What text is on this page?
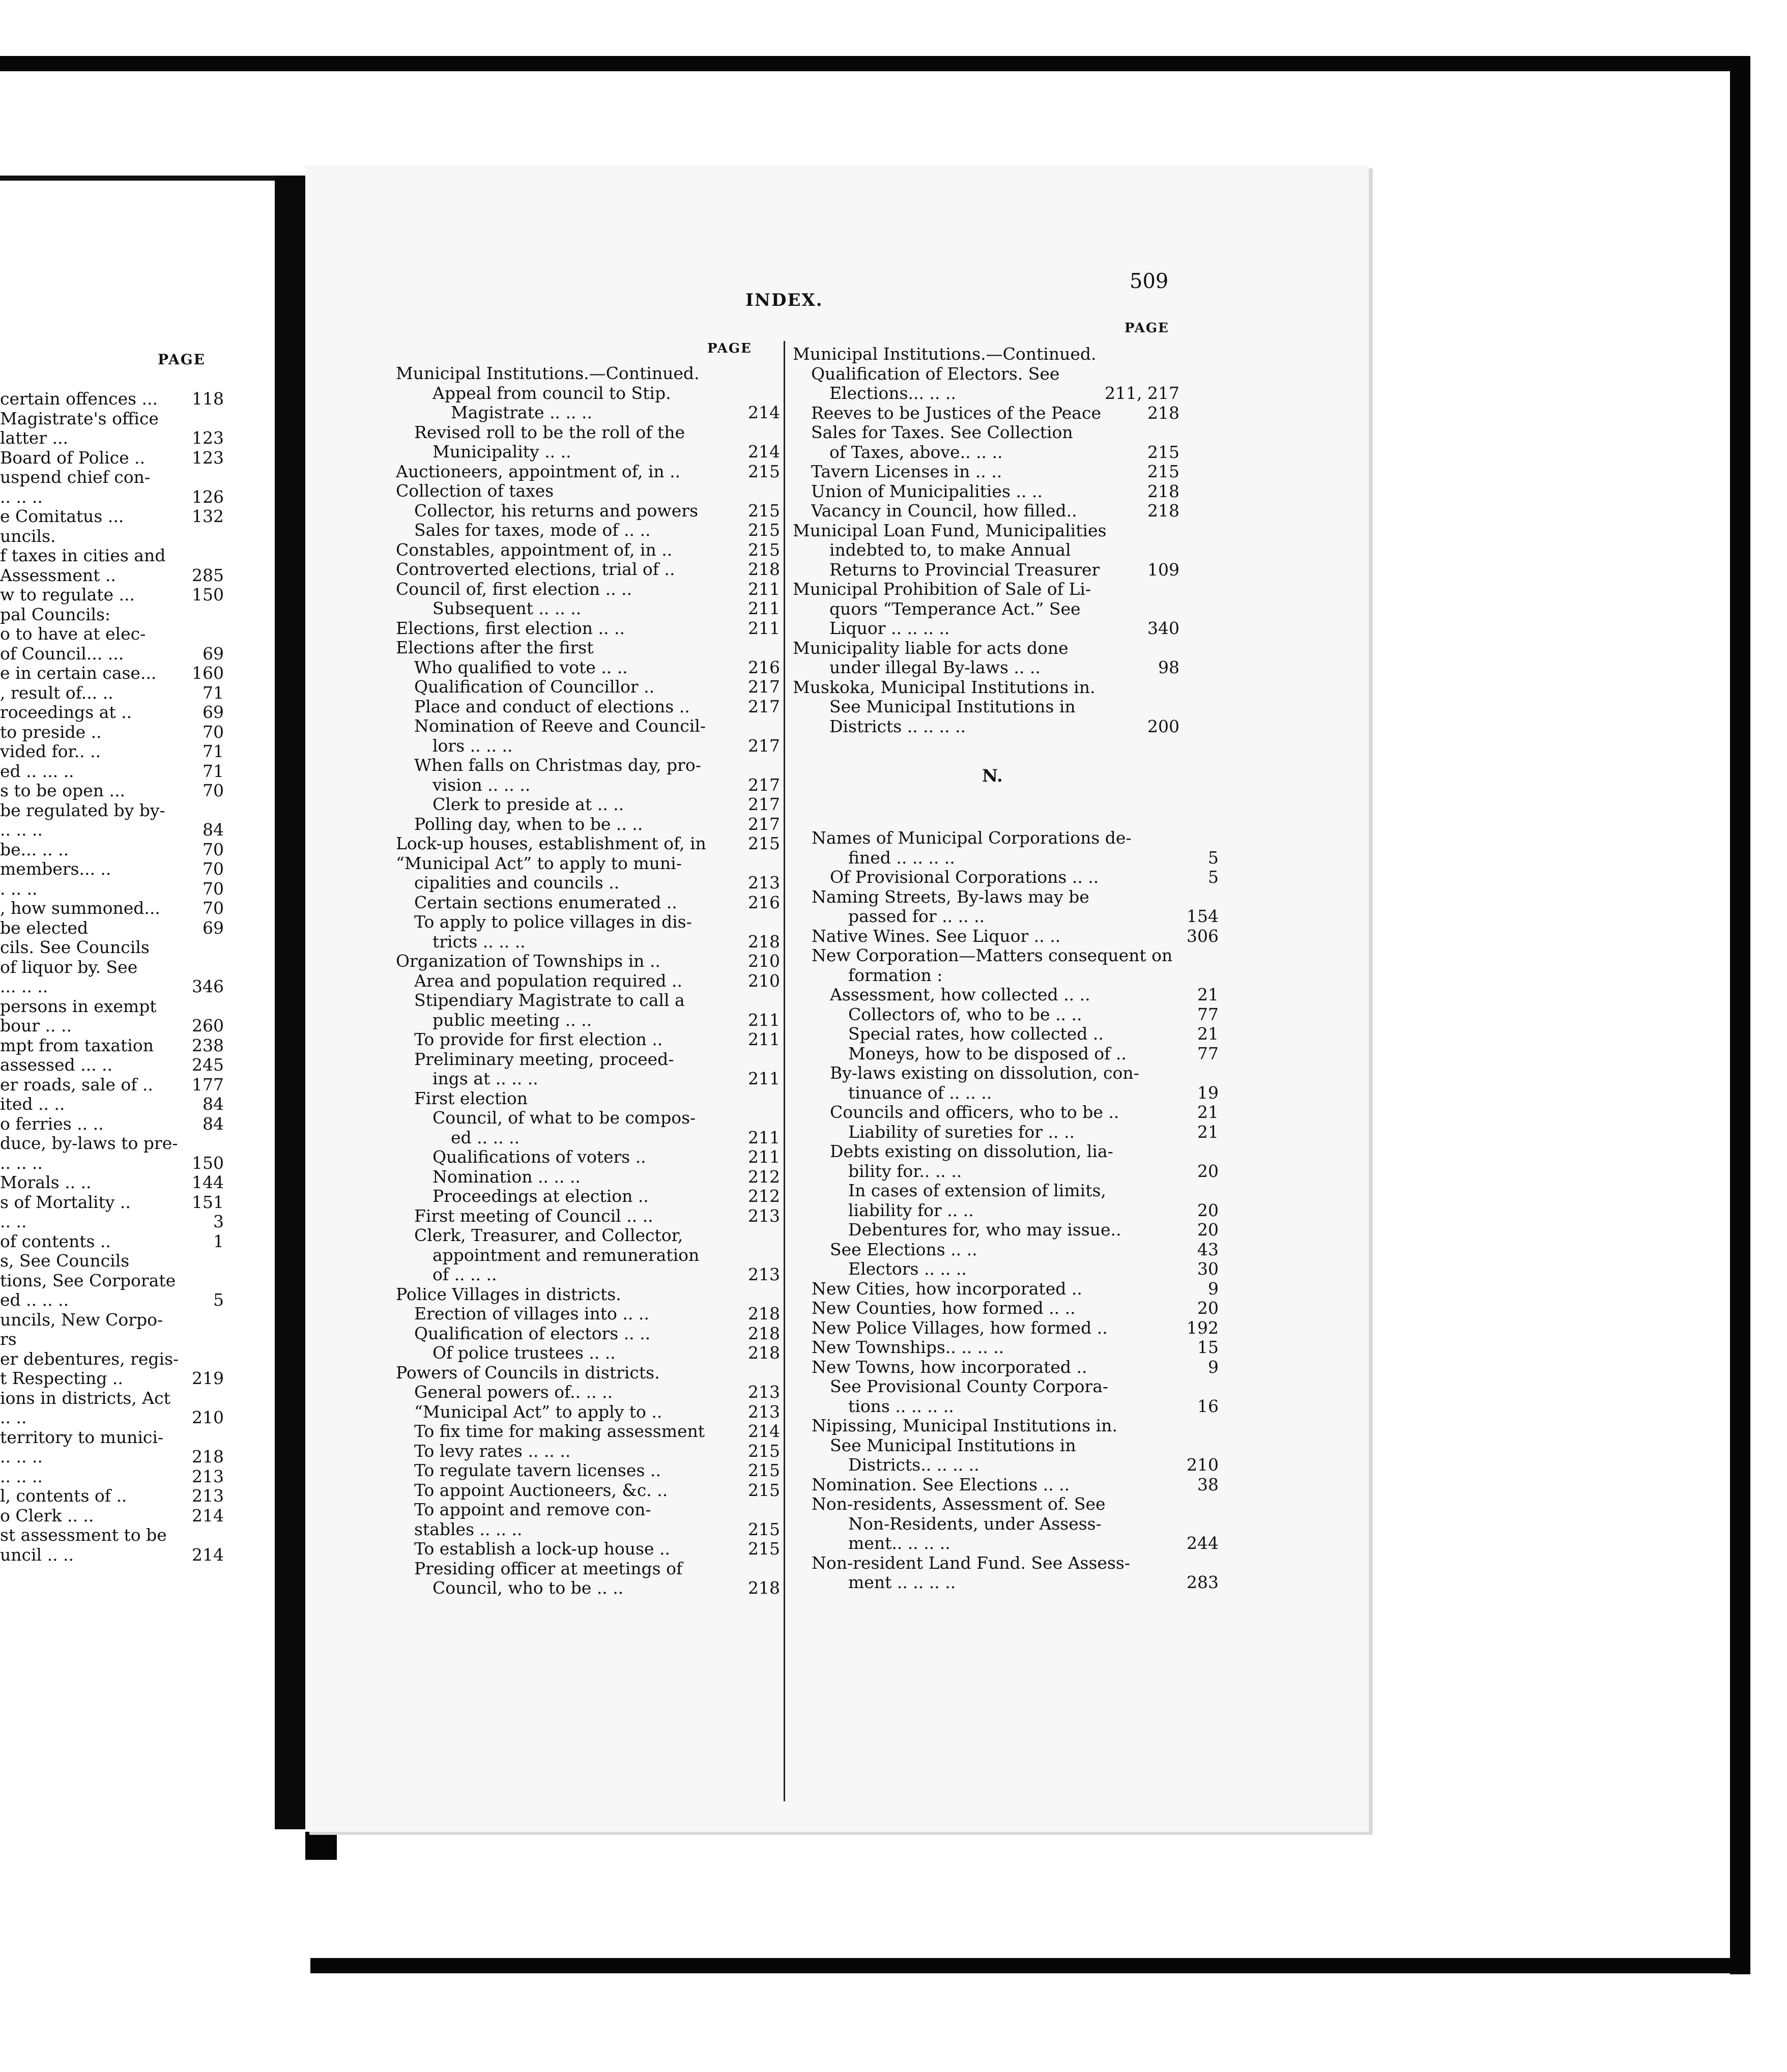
PAGE
certain offences ...	118
Magistrate's office
latter ...	123
Board of Police ..	123
uspend chief con-
.. .. ..	126
e Comitatus ...	132
uncils.
f taxes in cities and
Assessment ..	285
w to regulate ...	150
pal Councils:
o to have at elec-
of Council... ...	69
e in certain case...	160
, result of... ..	71
roceedings at ..	69
to preside ..	70
vided for.. ..	71
ed .. ... ..	71
s to be open ...	70
be regulated by by-
.. .. ..	84
be... .. ..	70
members... ..	70
. .. ..	70
, how summoned...	70
be elected	69
cils. See Councils
of liquor by. See
... .. ..	346
persons in exempt
bour .. ..	260
mpt from taxation	238
assessed ... ..	245
er roads, sale of ..	177
ited .. ..	84
o ferries .. ..	84
duce, by-laws to pre-
.. .. ..	150
Morals .. ..	144
s of Mortality ..	151
.. ..	3
of contents ..	1
s, See Councils
tions, See Corporate
ed .. .. ..	5
uncils, New Corpo-
rs
er debentures, regis-
t Respecting ..	219
ions in districts, Act
.. ..	210
territory to munici-
.. .. ..	218
.. .. ..	213
l, contents of ..	213
o Clerk .. ..	214
st assessment to be
uncil .. ..	214
INDEX.
509
PAGE
PAGE
Municipal Institutions.—Continued.
Appeal from council to Stip.
Magistrate .. .. ..	214
Revised roll to be the roll of the
Municipality .. ..	214
Auctioneers, appointment of, in ..	215
Collection of taxes
Collector, his returns and powers	215
Sales for taxes, mode of .. ..	215
Constables, appointment of, in ..	215
Controverted elections, trial of ..	218
Council of, first election .. ..	211
Subsequent .. .. ..	211
Elections, first election .. ..	211
Elections after the first
Who qualified to vote .. ..	216
Qualification of Councillor ..	217
Place and conduct of elections ..	217
Nomination of Reeve and Council-
lors .. .. ..	217
When falls on Christmas day, pro-
vision .. .. ..	217
Clerk to preside at .. ..	217
Polling day, when to be .. ..	217
Lock-up houses, establishment of, in	215
“Municipal Act” to apply to muni-
cipalities and councils ..	213
Certain sections enumerated ..	216
To apply to police villages in dis-
tricts .. .. ..	218
Organization of Townships in ..	210
Area and population required ..	210
Stipendiary Magistrate to call a
public meeting .. ..	211
To provide for first election ..	211
Preliminary meeting, proceed-
ings at .. .. ..	211
First election
Council, of what to be compos-
ed .. .. ..	211
Qualifications of voters ..	211
Nomination .. .. ..	212
Proceedings at election ..	212
First meeting of Council .. ..	213
Clerk, Treasurer, and Collector,
appointment and remuneration
of .. .. ..	213
Police Villages in districts.
Erection of villages into .. ..	218
Qualification of electors .. ..	218
Of police trustees .. ..	218
Powers of Councils in districts.
General powers of.. .. ..	213
“Municipal Act” to apply to ..	213
To fix time for making assessment	214
To levy rates .. .. ..	215
To regulate tavern licenses ..	215
To appoint Auctioneers, &c. ..	215
To appoint and remove con-
stables .. .. ..	215
To establish a lock-up house ..	215
Presiding officer at meetings of
Council, who to be .. ..	218
Municipal Institutions.—Continued.
Qualification of Electors. See
Elections... .. ..	211, 217
Reeves to be Justices of the Peace	218
Sales for Taxes. See Collection
of Taxes, above.. .. ..	215
Tavern Licenses in .. ..	215
Union of Municipalities .. ..	218
Vacancy in Council, how filled..	218
Municipal Loan Fund, Municipalities
indebted to, to make Annual
Returns to Provincial Treasurer	109
Municipal Prohibition of Sale of Li-
quors “Temperance Act.” See
Liquor .. .. .. ..	340
Municipality liable for acts done
under illegal By-laws .. ..	98
Muskoka, Municipal Institutions in.
See Municipal Institutions in
Districts .. .. .. ..	200
N.
Names of Municipal Corporations de-
fined .. .. .. ..	5
Of Provisional Corporations .. ..	5
Naming Streets, By-laws may be
passed for .. .. ..	154
Native Wines. See Liquor .. ..	306
New Corporation—Matters consequent on
formation :
Assessment, how collected .. ..	21
Collectors of, who to be .. ..	77
Special rates, how collected ..	21
Moneys, how to be disposed of ..	77
By-laws existing on dissolution, con-
tinuance of .. .. ..	19
Councils and officers, who to be ..	21
Liability of sureties for .. ..	21
Debts existing on dissolution, lia-
bility for.. .. ..	20
In cases of extension of limits,
liability for .. ..	20
Debentures for, who may issue..	20
See Elections .. ..	43
Electors .. .. ..	30
New Cities, how incorporated ..	9
New Counties, how formed .. ..	20
New Police Villages, how formed ..	192
New Townships.. .. .. ..	15
New Towns, how incorporated ..	9
See Provisional County Corpora-
tions .. .. .. ..	16
Nipissing, Municipal Institutions in.
See Municipal Institutions in
Districts.. .. .. ..	210
Nomination. See Elections .. ..	38
Non-residents, Assessment of. See
Non-Residents, under Assess-
ment.. .. .. ..	244
Non-resident Land Fund. See Assess-
ment .. .. .. ..	283
